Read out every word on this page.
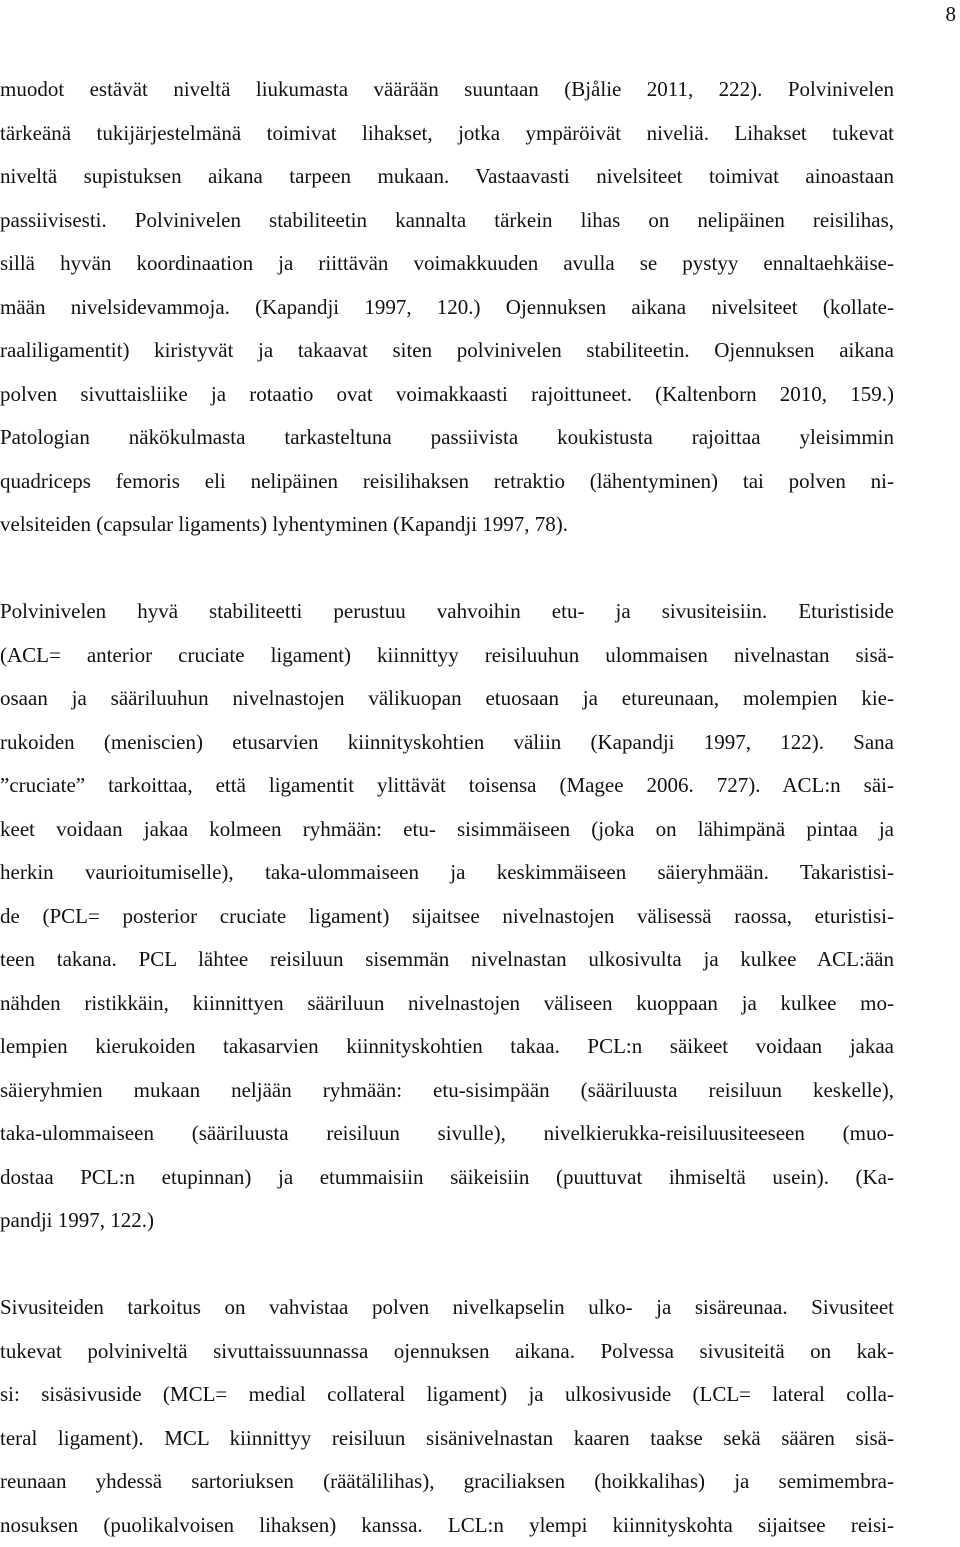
8
muodot estävät niveltä liukumasta väärään suuntaan (Bjålie 2011, 222). Polvinivelen
tärkeänä tukijärjestelmänä toimivat lihakset, jotka ympäröivät niveliä. Lihakset tukevat
niveltä supistuksen aikana tarpeen mukaan. Vastaavasti nivelsiteet toimivat ainoastaan
passiivisesti. Polvinivelen stabiliteetin kannalta tärkein lihas on nelipäinen reisilihas,
sillä hyvän koordinaation ja riittävän voimakkuuden avulla se pystyy ennaltaehkäise-
mään nivelsidevammoja. (Kapandji 1997, 120.) Ojennuksen aikana nivelsiteet (kollate-
raaliligamentit) kiristyvät ja takaavat siten polvinivelen stabiliteetin. Ojennuksen aikana
polven sivuttaisliike ja rotaatio ovat voimakkaasti rajoittuneet. (Kaltenborn 2010, 159.)
Patologian näkökulmasta tarkasteltuna passiivista koukistusta rajoittaa yleisimmin
quadriceps femoris eli nelipäinen reisilihaksen retraktio (lähentyminen) tai polven ni-
velsiteiden (capsular ligaments) lyhentyminen (Kapandji 1997, 78).
Polvinivelen hyvä stabiliteetti perustuu vahvoihin etu- ja sivusiteisiin. Eturistiside
(ACL= anterior cruciate ligament) kiinnittyy reisiluuhun ulommaisen nivelnastan sisä-
osaan ja sääriluuhun nivelnastojen välikuopan etuosaan ja etureunaan, molempien kie-
rukoiden (meniscien) etusarvien kiinnityskohtien väliin (Kapandji 1997, 122). Sana
”cruciate” tarkoittaa, että ligamentit ylittävät toisensa (Magee 2006. 727). ACL:n säi-
keet voidaan jakaa kolmeen ryhmään: etu- sisimmäiseen (joka on lähimpänä pintaa ja
herkin vaurioitumiselle), taka-ulommaiseen ja keskimmäiseen säieryhmään. Takaristisi-
de (PCL= posterior cruciate ligament) sijaitsee nivelnastojen välisessä raossa, eturistisi-
teen takana. PCL lähtee reisiluun sisemmän nivelnastan ulkosivulta ja kulkee ACL:ään
nähden ristikkäin, kiinnittyen sääriluun nivelnastojen väliseen kuoppaan ja kulkee mo-
lempien kierukoiden takasarvien kiinnityskohtien takaa. PCL:n säikeet voidaan jakaa
säieryhmien mukaan neljään ryhmään: etu-sisimpään (sääriluusta reisiluun keskelle),
taka-ulommaiseen (sääriluusta reisiluun sivulle), nivelkierukka-reisiluusiteeseen (muo-
dostaa PCL:n etupinnan) ja etummaisiin säikeisiin (puuttuvat ihmiseltä usein). (Ka-
pandji 1997, 122.)
Sivusiteiden tarkoitus on vahvistaa polven nivelkapselin ulko- ja sisäreunaa. Sivusiteet
tukevat polviniveltä sivuttaissuunnassa ojennuksen aikana. Polvessa sivusiteitä on kak-
si: sisäsivuside (MCL= medial collateral ligament) ja ulkosivuside (LCL= lateral colla-
teral ligament). MCL kiinnittyy reisiluun sisänivelnastan kaaren taakse sekä säären sisä-
reunaan yhdessä sartoriuksen (räätälilihas), graciliaksen (hoikkalihas) ja semimembra-
nosuksen (puolikalvoisen lihaksen) kanssa. LCL:n ylempi kiinnityskohta sijaitsee reisi-
